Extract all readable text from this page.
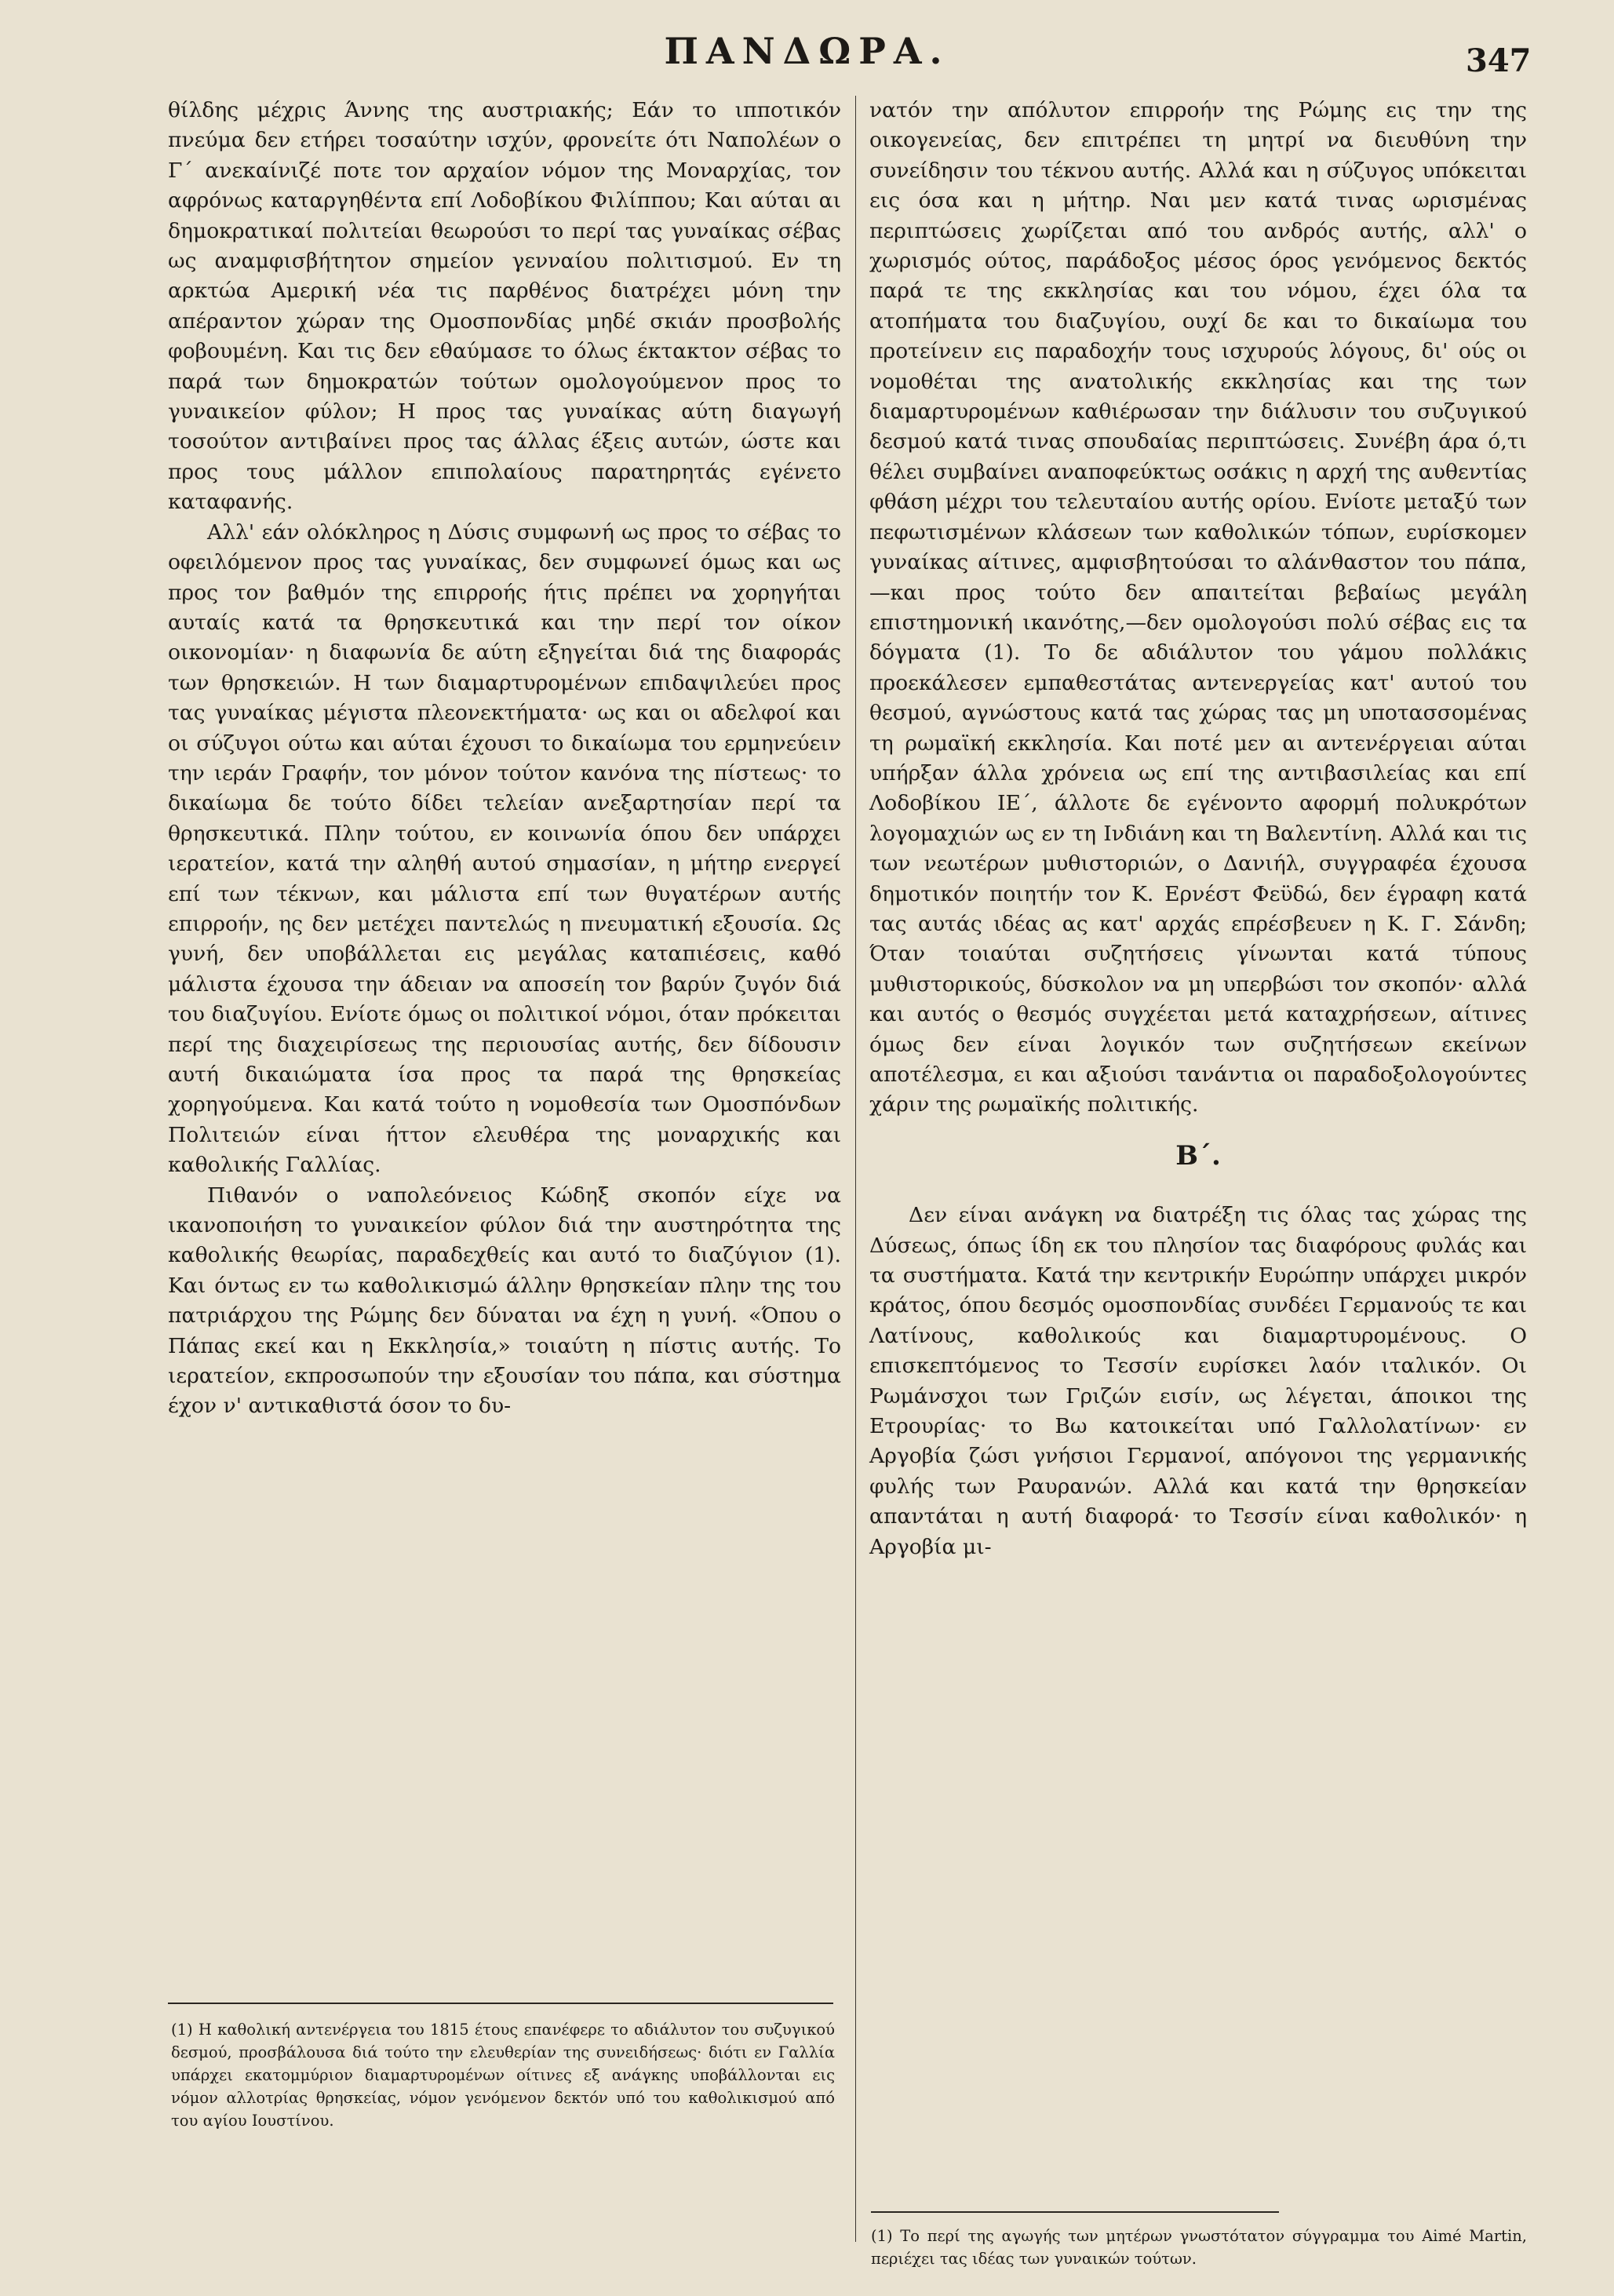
ΠΑΝΔΩΡΑ.	347

θίλδης μέχρις Άννης της αυστριακής; Εάν το ιπποτικόν πνεύμα δεν ετήρει τοσαύτην ισχύν, φρονείτε ότι Ναπολέων ο Γ΄ ανεκαίνιζέ ποτε τον αρχαίον νόμον της Μοναρχίας, τον αφρόνως καταργηθέντα επί Λοδοβίκου Φιλίππου; Και αύται αι δημοκρατικαί πολιτείαι θεωρούσι το περί τας γυναίκας σέβας ως αναμφισβήτητον σημείον γενναίου πολιτισμού. Εν τη αρκτώα Αμερική νέα τις παρθένος διατρέχει μόνη την απέραντον χώραν της Ομοσπονδίας μηδέ σκιάν προσβολής φοβουμένη. Και τις δεν εθαύμασε το όλως έκτακτον σέβας το παρά των δημοκρατών τούτων ομολογούμενον προς το γυναικείον φύλον; Η προς τας γυναίκας αύτη διαγωγή τοσούτον αντιβαίνει προς τας άλλας έξεις αυτών, ώστε και προς τους μάλλον επιπολαίους παρατηρητάς εγένετο καταφανής.

Αλλ' εάν ολόκληρος η Δύσις συμφωνή ως προς το σέβας το οφειλόμενον προς τας γυναίκας, δεν συμφωνεί όμως και ως προς τον βαθμόν της επιρροής ήτις πρέπει να χορηγήται αυταίς κατά τα θρησκευτικά και την περί τον οίκον οικονομίαν· η διαφωνία δε αύτη εξηγείται διά της διαφοράς των θρησκειών. Η των διαμαρτυρομένων επιδαψιλεύει προς τας γυναίκας μέγιστα πλεονεκτήματα· ως και οι αδελφοί και οι σύζυγοι ούτω και αύται έχουσι το δικαίωμα του ερμηνεύειν την ιεράν Γραφήν, τον μόνον τούτον κανόνα της πίστεως· το δικαίωμα δε τούτο δίδει τελείαν ανεξαρτησίαν περί τα θρησκευτικά. Πλην τούτου, εν κοινωνία όπου δεν υπάρχει ιερατείον, κατά την αληθή αυτού σημασίαν, η μήτηρ ενεργεί επί των τέκνων, και μάλιστα επί των θυγατέρων αυτής επιρροήν, ης δεν μετέχει παντελώς η πνευματική εξουσία. Ως γυνή, δεν υποβάλλεται εις μεγάλας καταπιέσεις, καθό μάλιστα έχουσα την άδειαν να αποσείη τον βαρύν ζυγόν διά του διαζυγίου. Ενίοτε όμως οι πολιτικοί νόμοι, όταν πρόκειται περί της διαχειρίσεως της περιουσίας αυτής, δεν δίδουσιν αυτή δικαιώματα ίσα προς τα παρά της θρησκείας χορηγούμενα. Και κατά τούτο η νομοθεσία των Ομοσπόνδων Πολιτειών είναι ήττον ελευθέρα της μοναρχικής και καθολικής Γαλλίας.

Πιθανόν ο ναπολεόνειος Κώδηξ σκοπόν είχε να ικανοποιήση το γυναικείον φύλον διά την αυστηρότητα της καθολικής θεωρίας, παραδεχθείς και αυτό το διαζύγιον (1). Και όντως εν τω καθολικισμώ άλλην θρησκείαν πλην της του πατριάρχου της Ρώμης δεν δύναται να έχη η γυνή. «Όπου ο Πάπας εκεί και η Εκκλησία,» τοιαύτη η πίστις αυτής. Το ιερατείον, εκπροσωπούν την εξουσίαν του πάπα, και σύστημα έχον ν' αντικαθιστά όσον το δυ-

(1) Η καθολική αντενέργεια του 1815 έτους επανέφερε το αδιάλυτον του συζυγικού δεσμού, προσβάλουσα διά τούτο την ελευθερίαν της συνειδήσεως· διότι εν Γαλλία υπάρχει εκατομμύριον διαμαρτυρομένων οίτινες εξ ανάγκης υποβάλλονται εις νόμον αλλοτρίας θρησκείας, νόμον γενόμενον δεκτόν υπό του καθολικισμού από του αγίου Ιουστίνου.

νατόν την απόλυτον επιρροήν της Ρώμης εις την της οικογενείας, δεν επιτρέπει τη μητρί να διευθύνη την συνείδησιν του τέκνου αυτής. Αλλά και η σύζυγος υπόκειται εις όσα και η μήτηρ. Ναι μεν κατά τινας ωρισμένας περιπτώσεις χωρίζεται από του ανδρός αυτής, αλλ' ο χωρισμός ούτος, παράδοξος μέσος όρος γενόμενος δεκτός παρά τε της εκκλησίας και του νόμου, έχει όλα τα ατοπήματα του διαζυγίου, ουχί δε και το δικαίωμα του προτείνειν εις παραδοχήν τους ισχυρούς λόγους, δι' ούς οι νομοθέται της ανατολικής εκκλησίας και της των διαμαρτυρομένων καθιέρωσαν την διάλυσιν του συζυγικού δεσμού κατά τινας σπουδαίας περιπτώσεις. Συνέβη άρα ό,τι θέλει συμβαίνει αναποφεύκτως οσάκις η αρχή της αυθεντίας φθάση μέχρι του τελευταίου αυτής ορίου. Ενίοτε μεταξύ των πεφωτισμένων κλάσεων των καθολικών τόπων, ευρίσκομεν γυναίκας αίτινες, αμφισβητούσαι το αλάνθαστον του πάπα,—και προς τούτο δεν απαιτείται βεβαίως μεγάλη επιστημονική ικανότης,—δεν ομολογούσι πολύ σέβας εις τα δόγματα (1). Το δε αδιάλυτον του γάμου πολλάκις προεκάλεσεν εμπαθεστάτας αντενεργείας κατ' αυτού του θεσμού, αγνώστους κατά τας χώρας τας μη υποτασσομένας τη ρωμαϊκή εκκλησία. Και ποτέ μεν αι αντενέργειαι αύται υπήρξαν άλλα χρόνεια ως επί της αντιβασιλείας και επί Λοδοβίκου ΙΕ΄, άλλοτε δε εγένοντο αφορμή πολυκρότων λογομαχιών ως εν τη Ινδιάνη και τη Βαλεντίνη. Αλλά και τις των νεωτέρων μυθιστοριών, ο Δανιήλ, συγγραφέα έχουσα δημοτικόν ποιητήν τον Κ. Ερνέστ Φεϋδώ, δεν έγραφη κατά τας αυτάς ιδέας ας κατ' αρχάς επρέσβευεν η Κ. Γ. Σάνδη; Όταν τοιαύται συζητήσεις γίνωνται κατά τύπους μυθιστορικούς, δύσκολον να μη υπερβώσι τον σκοπόν· αλλά και αυτός ο θεσμός συγχέεται μετά καταχρήσεων, αίτινες όμως δεν είναι λογικόν των συζητήσεων εκείνων αποτέλεσμα, ει και αξιούσι τανάντια οι παραδοξολογούντες χάριν της ρωμαϊκής πολιτικής.

Β΄.

Δεν είναι ανάγκη να διατρέξη τις όλας τας χώρας της Δύσεως, όπως ίδη εκ του πλησίον τας διαφόρους φυλάς και τα συστήματα. Κατά την κεντρικήν Ευρώπην υπάρχει μικρόν κράτος, όπου δεσμός ομοσπονδίας συνδέει Γερμανούς τε και Λατίνους, καθολικούς και διαμαρτυρομένους. Ο επισκεπτόμενος το Τεσσίν ευρίσκει λαόν ιταλικόν. Οι Ρωμάνσχοι των Γριζών εισίν, ως λέγεται, άποικοι της Ετρουρίας· το Βω κατοικείται υπό Γαλλολατίνων· εν Αργοβία ζώσι γνήσιοι Γερμανοί, απόγονοι της γερμανικής φυλής των Ραυρανών. Αλλά και κατά την θρησκείαν απαντάται η αυτή διαφορά· το Τεσσίν είναι καθολικόν· η Αργοβία μι-

(1) Το περί της αγωγής των μητέρων γνωστότατον σύγγραμμα του Aimé Martin, περιέχει τας ιδέας των γυναικών τούτων.
